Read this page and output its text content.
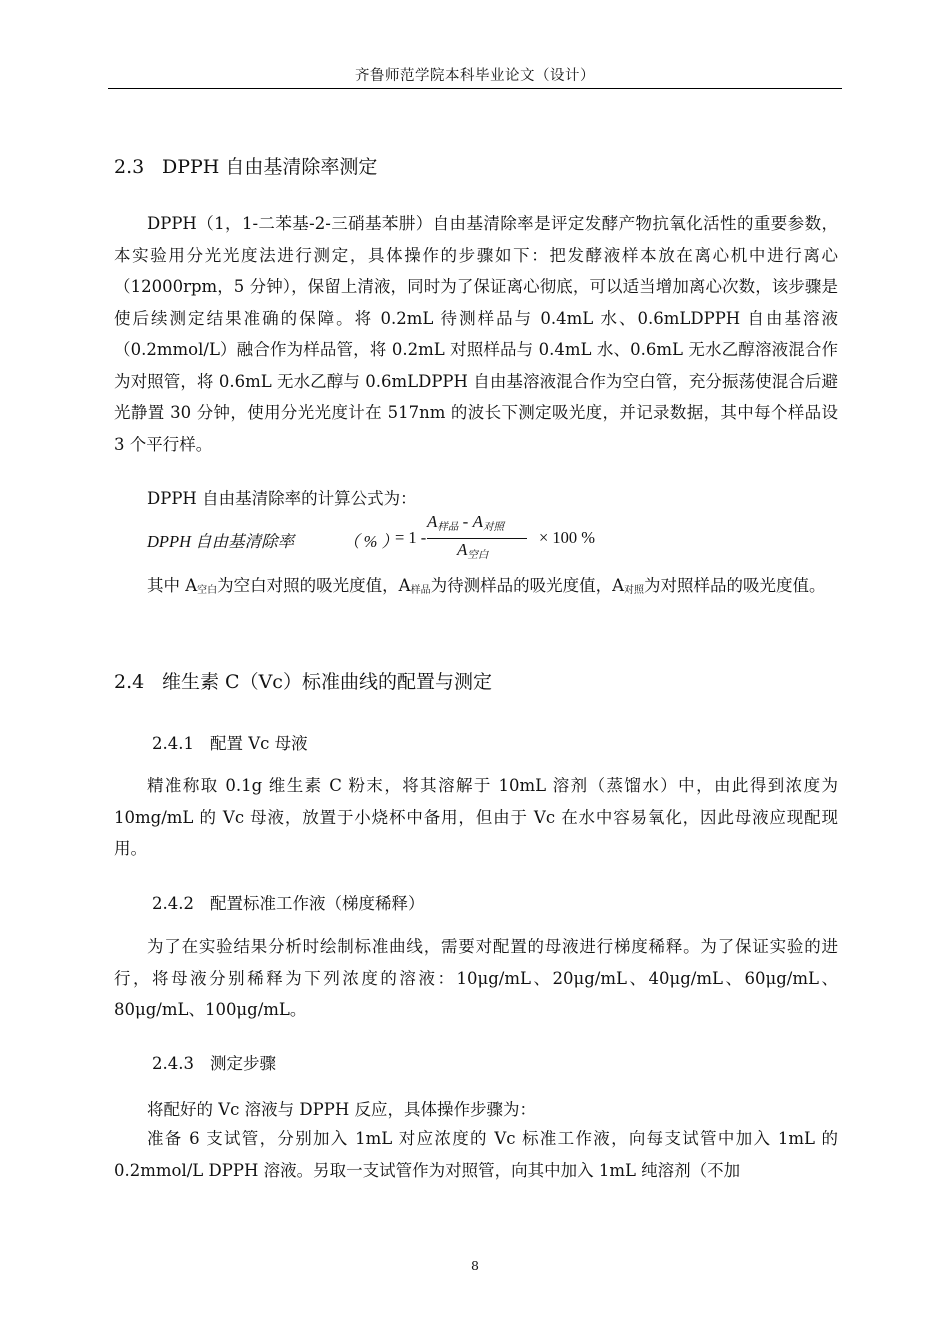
齐鲁师范学院本科毕业论文（设计）
2.3 DPPH 自由基清除率测定
DPPH（1，1-二苯基-2-三硝基苯肼）自由基清除率是评定发酵产物抗氧化活性的重要参数，本实验用分光光度法进行测定，具体操作的步骤如下：把发酵液样本放在离心机中进行离心（12000rpm，5 分钟），保留上清液，同时为了保证离心彻底，可以适当增加离心次数，该步骤是使后续测定结果准确的保障。将 0.2mL 待测样品与 0.4mL 水、0.6mLDPPH 自由基溶液（0.2mmol/L）融合作为样品管，将 0.2mL 对照样品与 0.4mL 水、0.6mL 无水乙醇溶液混合作为对照管，将 0.6mL 无水乙醇与 0.6mLDPPH 自由基溶液混合作为空白管，充分振荡使混合后避光静置 30 分钟，使用分光光度计在 517nm 的波长下测定吸光度，并记录数据，其中每个样品设 3 个平行样。
DPPH 自由基清除率的计算公式为：
DPPH 自由基清除率	（ % ）
= 1 -
$A_{样品} - A_{对照}$
$A_{空白}$
× 100 %
其中 A空白为空白对照的吸光度值，A样品为待测样品的吸光度值，A对照为对照样品的吸光度值。
2.4 维生素 C（Vc）标准曲线的配置与测定
2.4.1 配置 Vc 母液
精准称取 0.1g 维生素 C 粉末，将其溶解于 10mL 溶剂（蒸馏水）中，由此得到浓度为 10mg/mL 的 Vc 母液，放置于小烧杯中备用，但由于 Vc 在水中容易氧化，因此母液应现配现用。
2.4.2 配置标准工作液（梯度稀释）
为了在实验结果分析时绘制标准曲线，需要对配置的母液进行梯度稀释。为了保证实验的进行，将母液分别稀释为下列浓度的溶液：10μg/mL、20μg/mL、40μg/mL、60μg/mL、80μg/mL、100μg/mL。
2.4.3 测定步骤
将配好的 Vc 溶液与 DPPH 反应，具体操作步骤为：
准备 6 支试管，分别加入 1mL 对应浓度的 Vc 标准工作液，向每支试管中加入 1mL 的 0.2mmol/L DPPH 溶液。另取一支试管作为对照管，向其中加入 1mL 纯溶剂（不加
8
